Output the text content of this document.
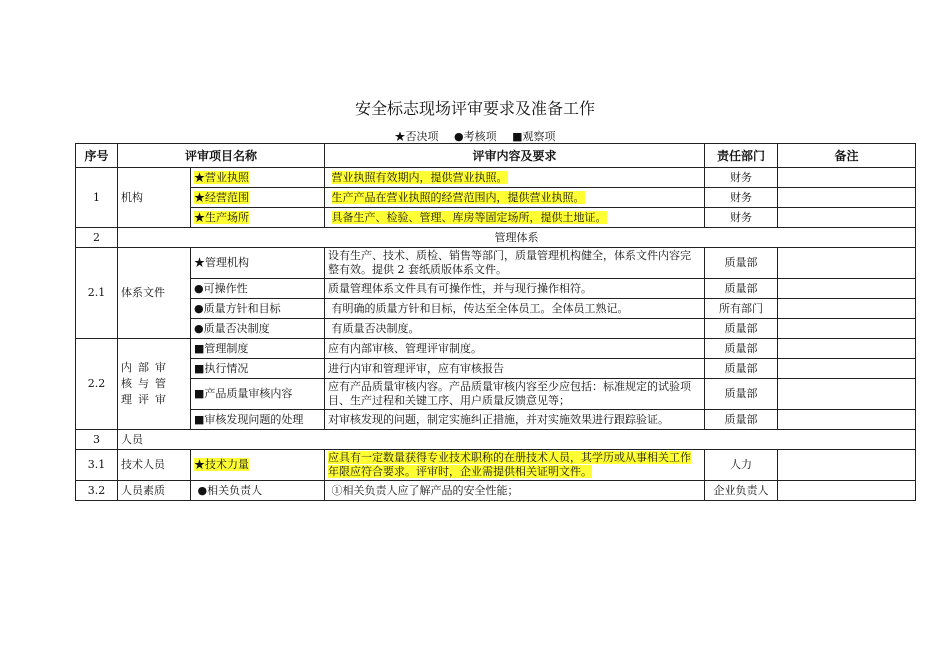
安全标志现场评审要求及准备工作
★否决项 ●考核项 ■观察项
序号	评审项目名称		评审内容及要求	责任部门	备注
1	机构	★营业执照	营业执照有效期内，提供营业执照。	财务	
		★经营范围	生产产品在营业执照的经营范围内，提供营业执照。	财务	
		★生产场所	具备生产、检验、管理、库房等固定场所，提供土地证。	财务	
2	管理体系				
2.1	体系文件	★管理机构	设有生产、技术、质检、销售等部门，质量管理机构健全，体系文件内容完整有效。提供 2 套纸质版体系文件。	质量部	
		●可操作性	质量管理体系文件具有可操作性，并与现行操作相符。	质量部	
		●质量方针和目标	有明确的质量方针和目标，传达至全体员工。全体员工熟记。	所有部门	
		●质量否决制度	有质量否决制度。	质量部	
2.2	内部审核与管理评审	■管理制度	应有内部审核、管理评审制度。	质量部	
		■执行情况	进行内审和管理评审，应有审核报告	质量部	
		■产品质量审核内容	应有产品质量审核内容。产品质量审核内容至少应包括：标准规定的试验项目、生产过程和关键工序、用户质量反馈意见等；	质量部	
		■审核发现问题的处理	对审核发现的问题，制定实施纠正措施，并对实施效果进行跟踪验证。	质量部	
3	人员				
3.1	技术人员	★技术力量	应具有一定数量获得专业技术职称的在册技术人员，其学历或从事相关工作年限应符合要求。评审时，企业需提供相关证明文件。	人力	
3.2	人员素质	●相关负责人	①相关负责人应了解产品的安全性能；	企业负责人	
